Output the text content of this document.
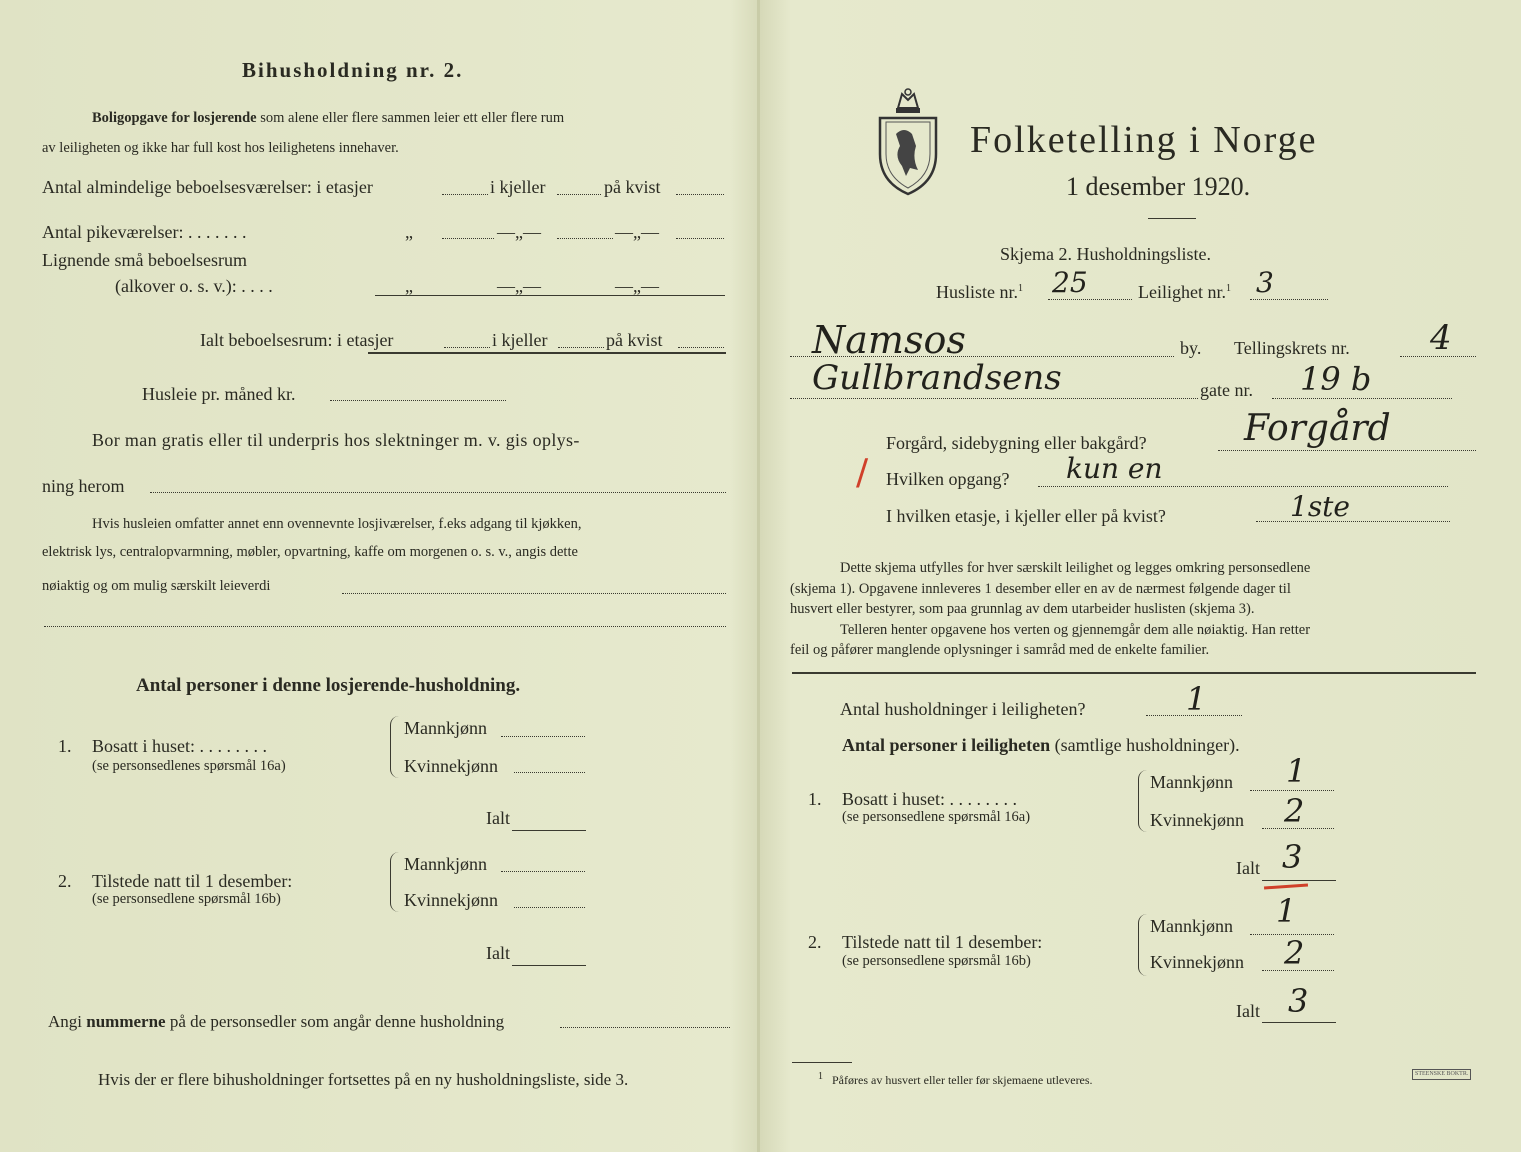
Bihusholdning nr. 2.
Boligopgave for losjerende som alene eller flere sammen leier ett eller flere rum
av leiligheten og ikke har full kost hos leilighetens innehaver.
Antal almindelige beboelsesværelser: i etasjer	i kjeller	på kvist
Antal pikeværelser: . . . . . . .	„	—„—	—„—
Lignende små beboelsesrum
(alkover o. s. v.): . . . .	„	—„—	—„—
Ialt beboelsesrum: i etasjer	i kjeller	på kvist
Husleie pr. måned kr.
Bor man gratis eller til underpris hos slektninger m. v. gis oplys-
ning herom
Hvis husleien omfatter annet enn ovennevnte losjiværelser, f.eks adgang til kjøkken,
elektrisk lys, centralopvarmning, møbler, opvartning, kaffe om morgenen o. s. v., angis dette
nøiaktig og om mulig særskilt leieverdi
Antal personer i denne losjerende-husholdning.
1. Bosatt i huset: . . . . . . . .
(se personsedlenes spørsmål 16a)
Mannkjønn
Kvinnekjønn
Ialt
2. Tilstede natt til 1 desember:
(se personsedlene spørsmål 16b)
Mannkjønn
Kvinnekjønn
Ialt
Angi nummerne på de personsedler som angår denne husholdning
Hvis der er flere bihusholdninger fortsettes på en ny husholdningsliste, side 3.
Folketelling i Norge
1 desember 1920.
Skjema 2. Husholdningsliste.
Husliste nr.$^1$ 25	Leilighet nr.$^1$ 3
Namsos	by. Tellingskrets nr. 4
Gullbrandsens	gate nr. 19 b
Forgård, sidebygning eller bakgård?	Forgård
/ Hvilken opgang? kun en
I hvilken etasje, i kjeller eller på kvist?	1ste
Dette skjema utfylles for hver særskilt leilighet og legges omkring personsedlene
(skjema 1). Opgavene innleveres 1 desember eller en av de nærmest følgende dager til
husvert eller bestyrer, som paa grunnlag av dem utarbeider huslisten (skjema 3).
Telleren henter opgavene hos verten og gjennemgår dem alle nøiaktig. Han retter
feil og påfører manglende oplysninger i samråd med de enkelte familier.
Antal husholdninger i leiligheten?	1
Antal personer i leiligheten (samtlige husholdninger).
1. Bosatt i huset: . . . . . . . .
(se personsedlene spørsmål 16a)
Mannkjønn 1
Kvinnekjønn 2
Ialt 3
2. Tilstede natt til 1 desember:
(se personsedlene spørsmål 16b)
Mannkjønn 1
Kvinnekjønn 2
Ialt 3
$^1$ Påføres av husvert eller teller før skjemaene utleveres.	STEENSKE BOKTR.
